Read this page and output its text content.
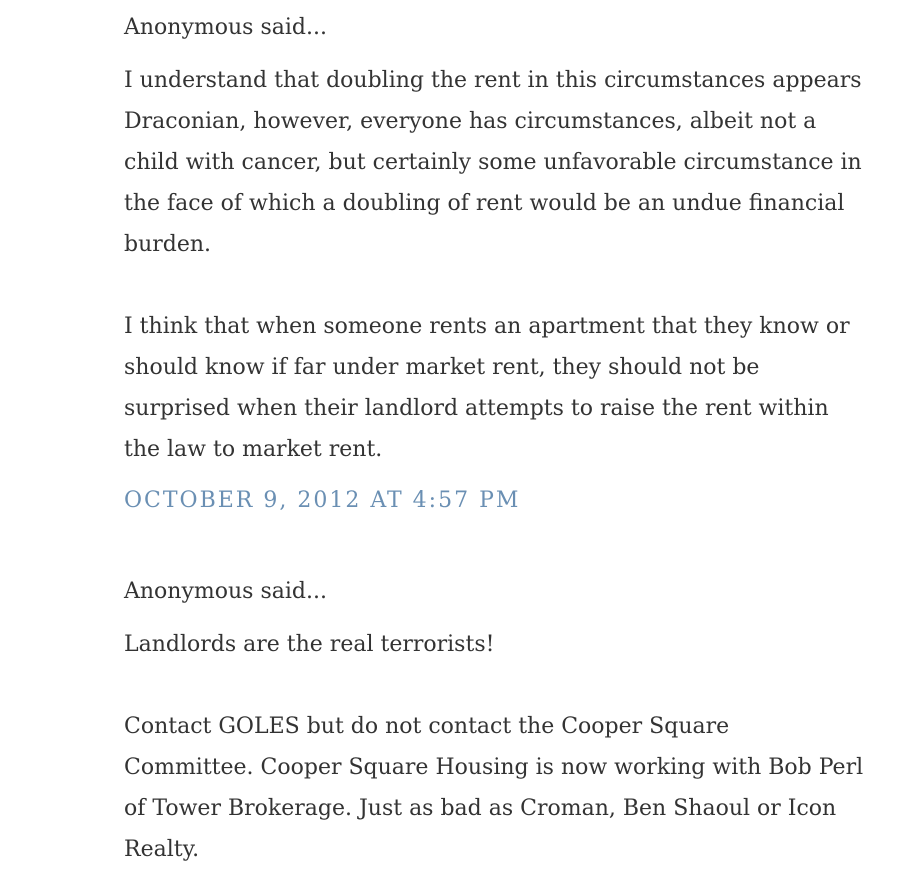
Anonymous said...

I understand that doubling the rent in this circumstances appears Draconian, however, everyone has circumstances, albeit not a child with cancer, but certainly some unfavorable circumstance in the face of which a doubling of rent would be an undue financial burden.

I think that when someone rents an apartment that they know or should know if far under market rent, they should not be surprised when their landlord attempts to raise the rent within the law to market rent.

OCTOBER 9, 2012 AT 4:57 PM
Anonymous said...

Landlords are the real terrorists!

Contact GOLES but do not contact the Cooper Square Committee. Cooper Square Housing is now working with Bob Perl of Tower Brokerage. Just as bad as Croman, Ben Shaoul or Icon Realty.
